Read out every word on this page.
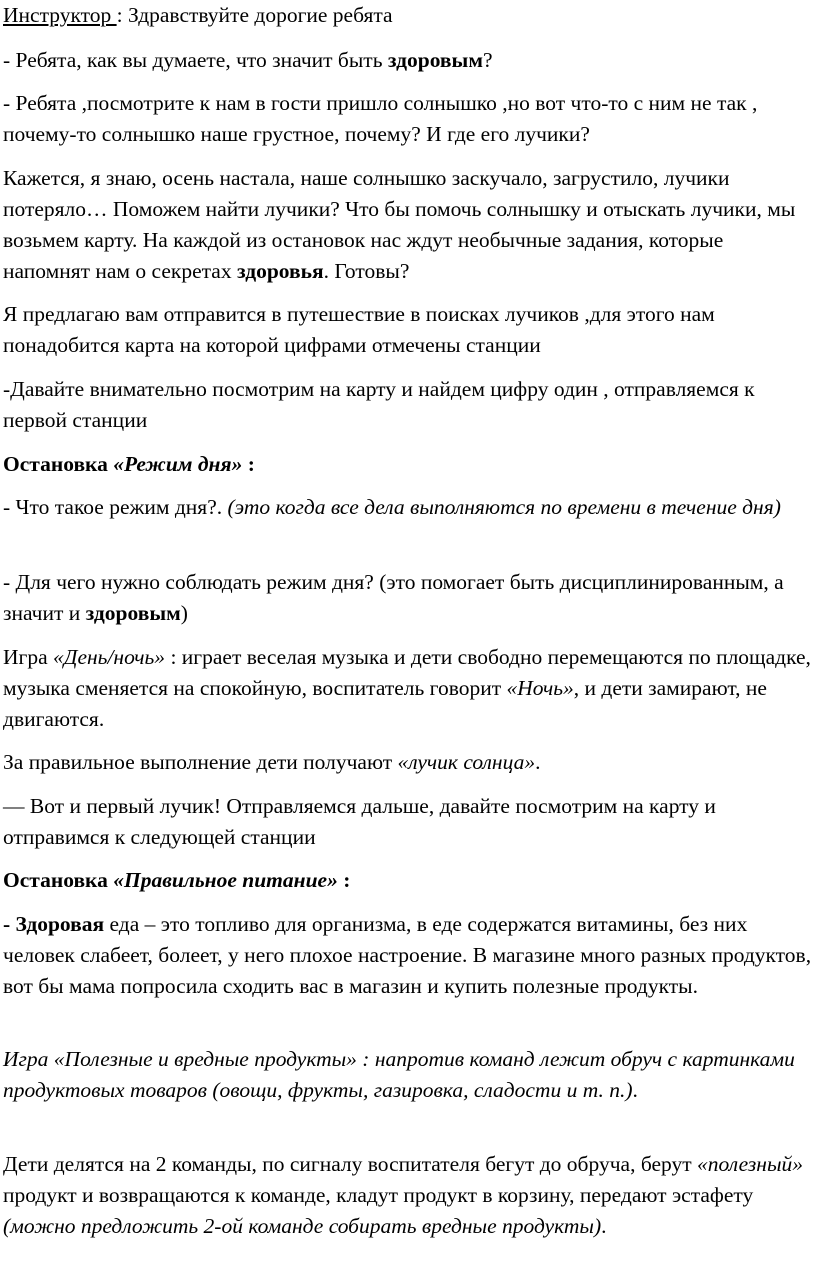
Инструктор : Здравствуйте дорогие ребята

- Ребята, как вы думаете, что значит быть здоровым?

- Ребята ,посмотрите к нам в гости пришло солнышко ,но вот что-то с ним не так , почему-то солнышко наше грустное, почему? И где его лучики?

Кажется, я знаю, осень настала, наше солнышко заскучало, загрустило, лучики потеряло… Поможем найти лучики? Что бы помочь солнышку и отыскать лучики, мы возьмем карту. На каждой из остановок нас ждут необычные задания, которые напомнят нам о секретах здоровья. Готовы?

Я предлагаю вам отправится в путешествие в поисках лучиков ,для этого нам понадобится карта на которой цифрами отмечены станции

-Давайте внимательно посмотрим на карту и найдем цифру один , отправляемся к первой станции

Остановка «Режим дня» :

- Что такое режим дня?. (это когда все дела выполняются по времени в течение дня)

- Для чего нужно соблюдать режим дня? (это помогает быть дисциплинированным, а значит и здоровым)

Игра «День/ночь» : играет веселая музыка и дети свободно перемещаются по площадке, музыка сменяется на спокойную, воспитатель говорит «Ночь», и дети замирают, не двигаются.

За правильное выполнение дети получают «лучик солнца».

— Вот и первый лучик! Отправляемся дальше, давайте посмотрим на карту и отправимся к следующей станции

Остановка «Правильное питание» :

- Здоровая еда – это топливо для организма, в еде содержатся витамины, без них человек слабеет, болеет, у него плохое настроение. В магазине много разных продуктов, вот бы мама попросила сходить вас в магазин и купить полезные продукты.

Игра «Полезные и вредные продукты» : напротив команд лежит обруч с картинками продуктовых товаров (овощи, фрукты, газировка, сладости и т. п.).

Дети делятся на 2 команды, по сигналу воспитателя бегут до обруча, берут «полезный» продукт и возвращаются к команде, кладут продукт в корзину, передают эстафету (можно предложить 2-ой команде собирать вредные продукты).
